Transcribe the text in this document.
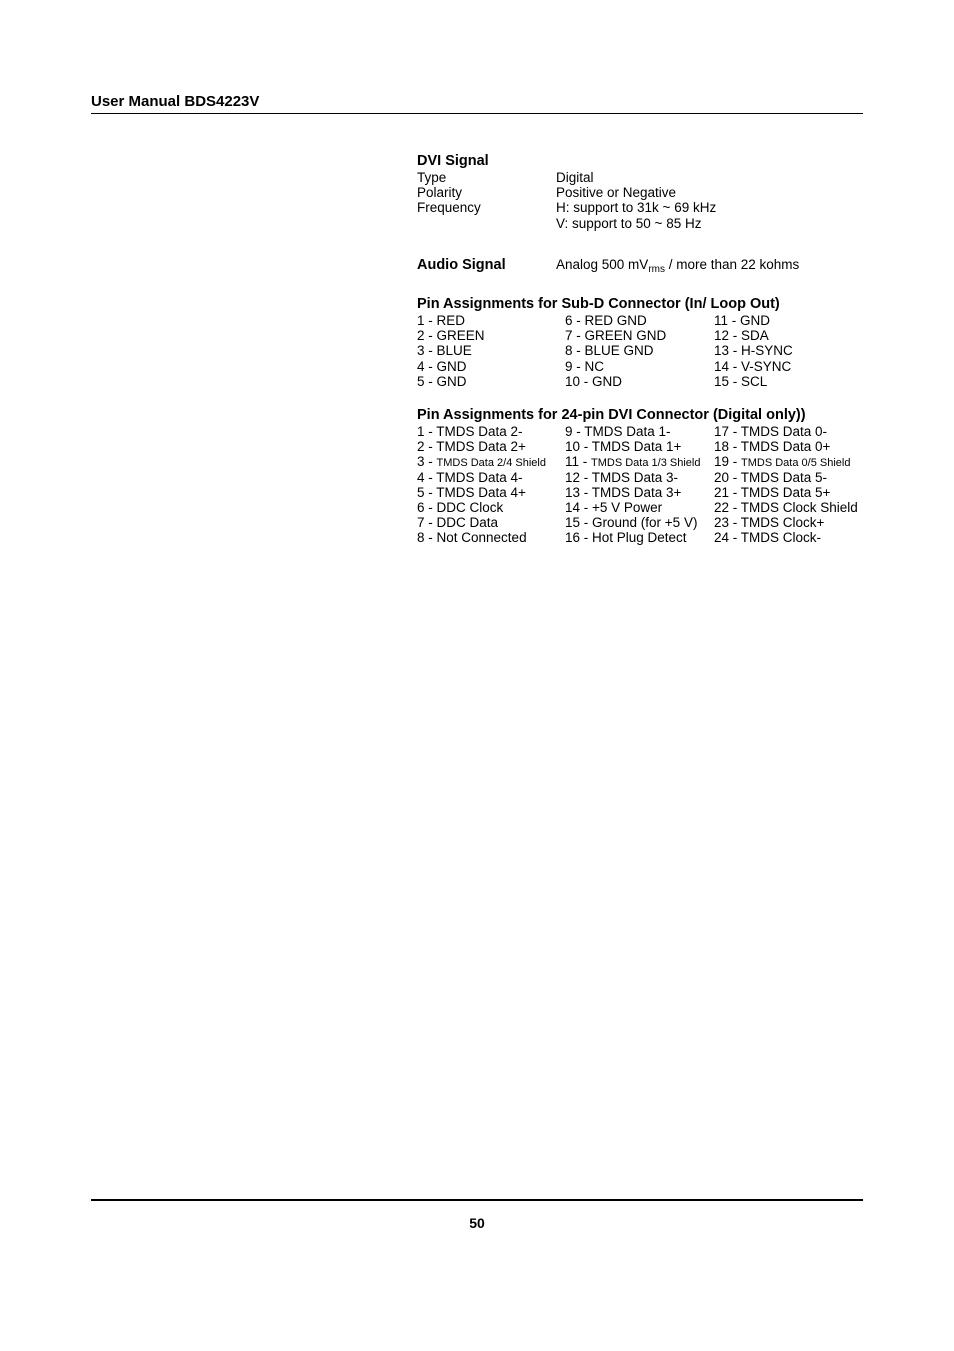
User Manual BDS4223V
DVI Signal
Type	Digital
Polarity	Positive or Negative
Frequency	H: support to 31k ~ 69 kHz
V: support to 50 ~ 85 Hz
Audio Signal	Analog 500 $mV_{rms}$ / more than 22 kohms
Pin Assignments for Sub-D Connector (In/ Loop Out)
1 - RED	6 - RED GND	11 - GND
2 - GREEN	7 - GREEN GND	12 - SDA
3 - BLUE	8 - BLUE GND	13 - H-SYNC
4 - GND	9 - NC	14 - V-SYNC
5 - GND	10 - GND	15 - SCL
Pin Assignments for 24-pin DVI Connector (Digital only))
1 - TMDS Data 2-	9 - TMDS Data 1-	17 - TMDS Data 0-
2 - TMDS Data 2+	10 - TMDS Data 1+	18 - TMDS Data 0+
3 - TMDS Data 2/4 Shield	11 - TMDS Data 1/3 Shield	19 - TMDS Data 0/5 Shield
4 - TMDS Data 4-	12 - TMDS Data 3-	20 - TMDS Data 5-
5 - TMDS Data 4+	13 - TMDS Data 3+	21 - TMDS Data 5+
6 - DDC Clock	14 - +5 V Power	22 - TMDS Clock Shield
7 - DDC Data	15 - Ground (for +5 V)	23 - TMDS Clock+
8 - Not Connected	16 - Hot Plug Detect	24 - TMDS Clock-
50
